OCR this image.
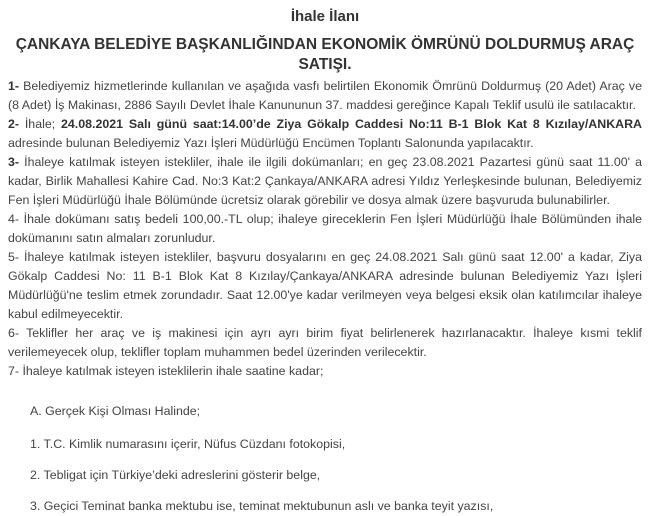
İhale İlanı
ÇANKAYA BELEDİYE BAŞKANLIĞINDAN EKONOMİK ÖMRÜNÜ DOLDURMUŞ ARAÇ SATIŞI.

1- Belediyemiz hizmetlerinde kullanılan ve aşağıda vasfı belirtilen Ekonomik Ömrünü Doldurmuş (20 Adet) Araç ve (8 Adet) İş Makinası, 2886 Sayılı Devlet İhale Kanununun 37. maddesi gereğince Kapalı Teklif usulü ile satılacaktır.

2- İhale; 24.08.2021 Salı günü saat:14.00’de Ziya Gökalp Caddesi No:11 B-1 Blok Kat 8 Kızılay/ANKARA adresinde bulunan Belediyemiz Yazı İşleri Müdürlüğü Encümen Toplantı Salonunda yapılacaktır.

3- İhaleye katılmak isteyen istekliler, ihale ile ilgili dokümanları; en geç 23.08.2021 Pazartesi günü saat 11.00' a kadar, Birlik Mahallesi Kahire Cad. No:3 Kat:2 Çankaya/ANKARA adresi Yıldız Yerleşkesinde bulunan, Belediyemiz Fen İşleri Müdürlüğü İhale Bölümünde ücretsiz olarak görebilir ve dosya almak üzere başvuruda bulunabilirler.

4- İhale dokümanı satış bedeli 100,00.-TL olup; ihaleye gireceklerin Fen İşleri Müdürlüğü İhale Bölümünden ihale dokümanını satın almaları zorunludur.

5- İhaleye katılmak isteyen istekliler, başvuru dosyalarını en geç 24.08.2021 Salı günü saat 12.00' a kadar, Ziya Gökalp Caddesi No: 11 B-1 Blok Kat 8 Kızılay/Çankaya/ANKARA adresinde bulunan Belediyemiz Yazı İşleri Müdürlüğü'ne teslim etmek zorundadır. Saat 12.00'ye kadar verilmeyen veya belgesi eksik olan katılımcılar ihaleye kabul edilmeyecektir.

6- Teklifler her araç ve iş makinesi için ayrı ayrı birim fiyat belirlenerek hazırlanacaktır. İhaleye kısmi teklif verilemeyecek olup, teklifler toplam muhammen bedel üzerinden verilecektir.

7- İhaleye katılmak isteyen isteklilerin ihale saatine kadar;

A. Gerçek Kişi Olması Halinde;

1. T.C. Kimlik numarasını içerir, Nüfus Cüzdanı fotokopisi,

2. Tebligat için Türkiye’deki adreslerini gösterir belge,

3. Geçici Teminat banka mektubu ise, teminat mektubunun aslı ve banka teyit yazısı,
